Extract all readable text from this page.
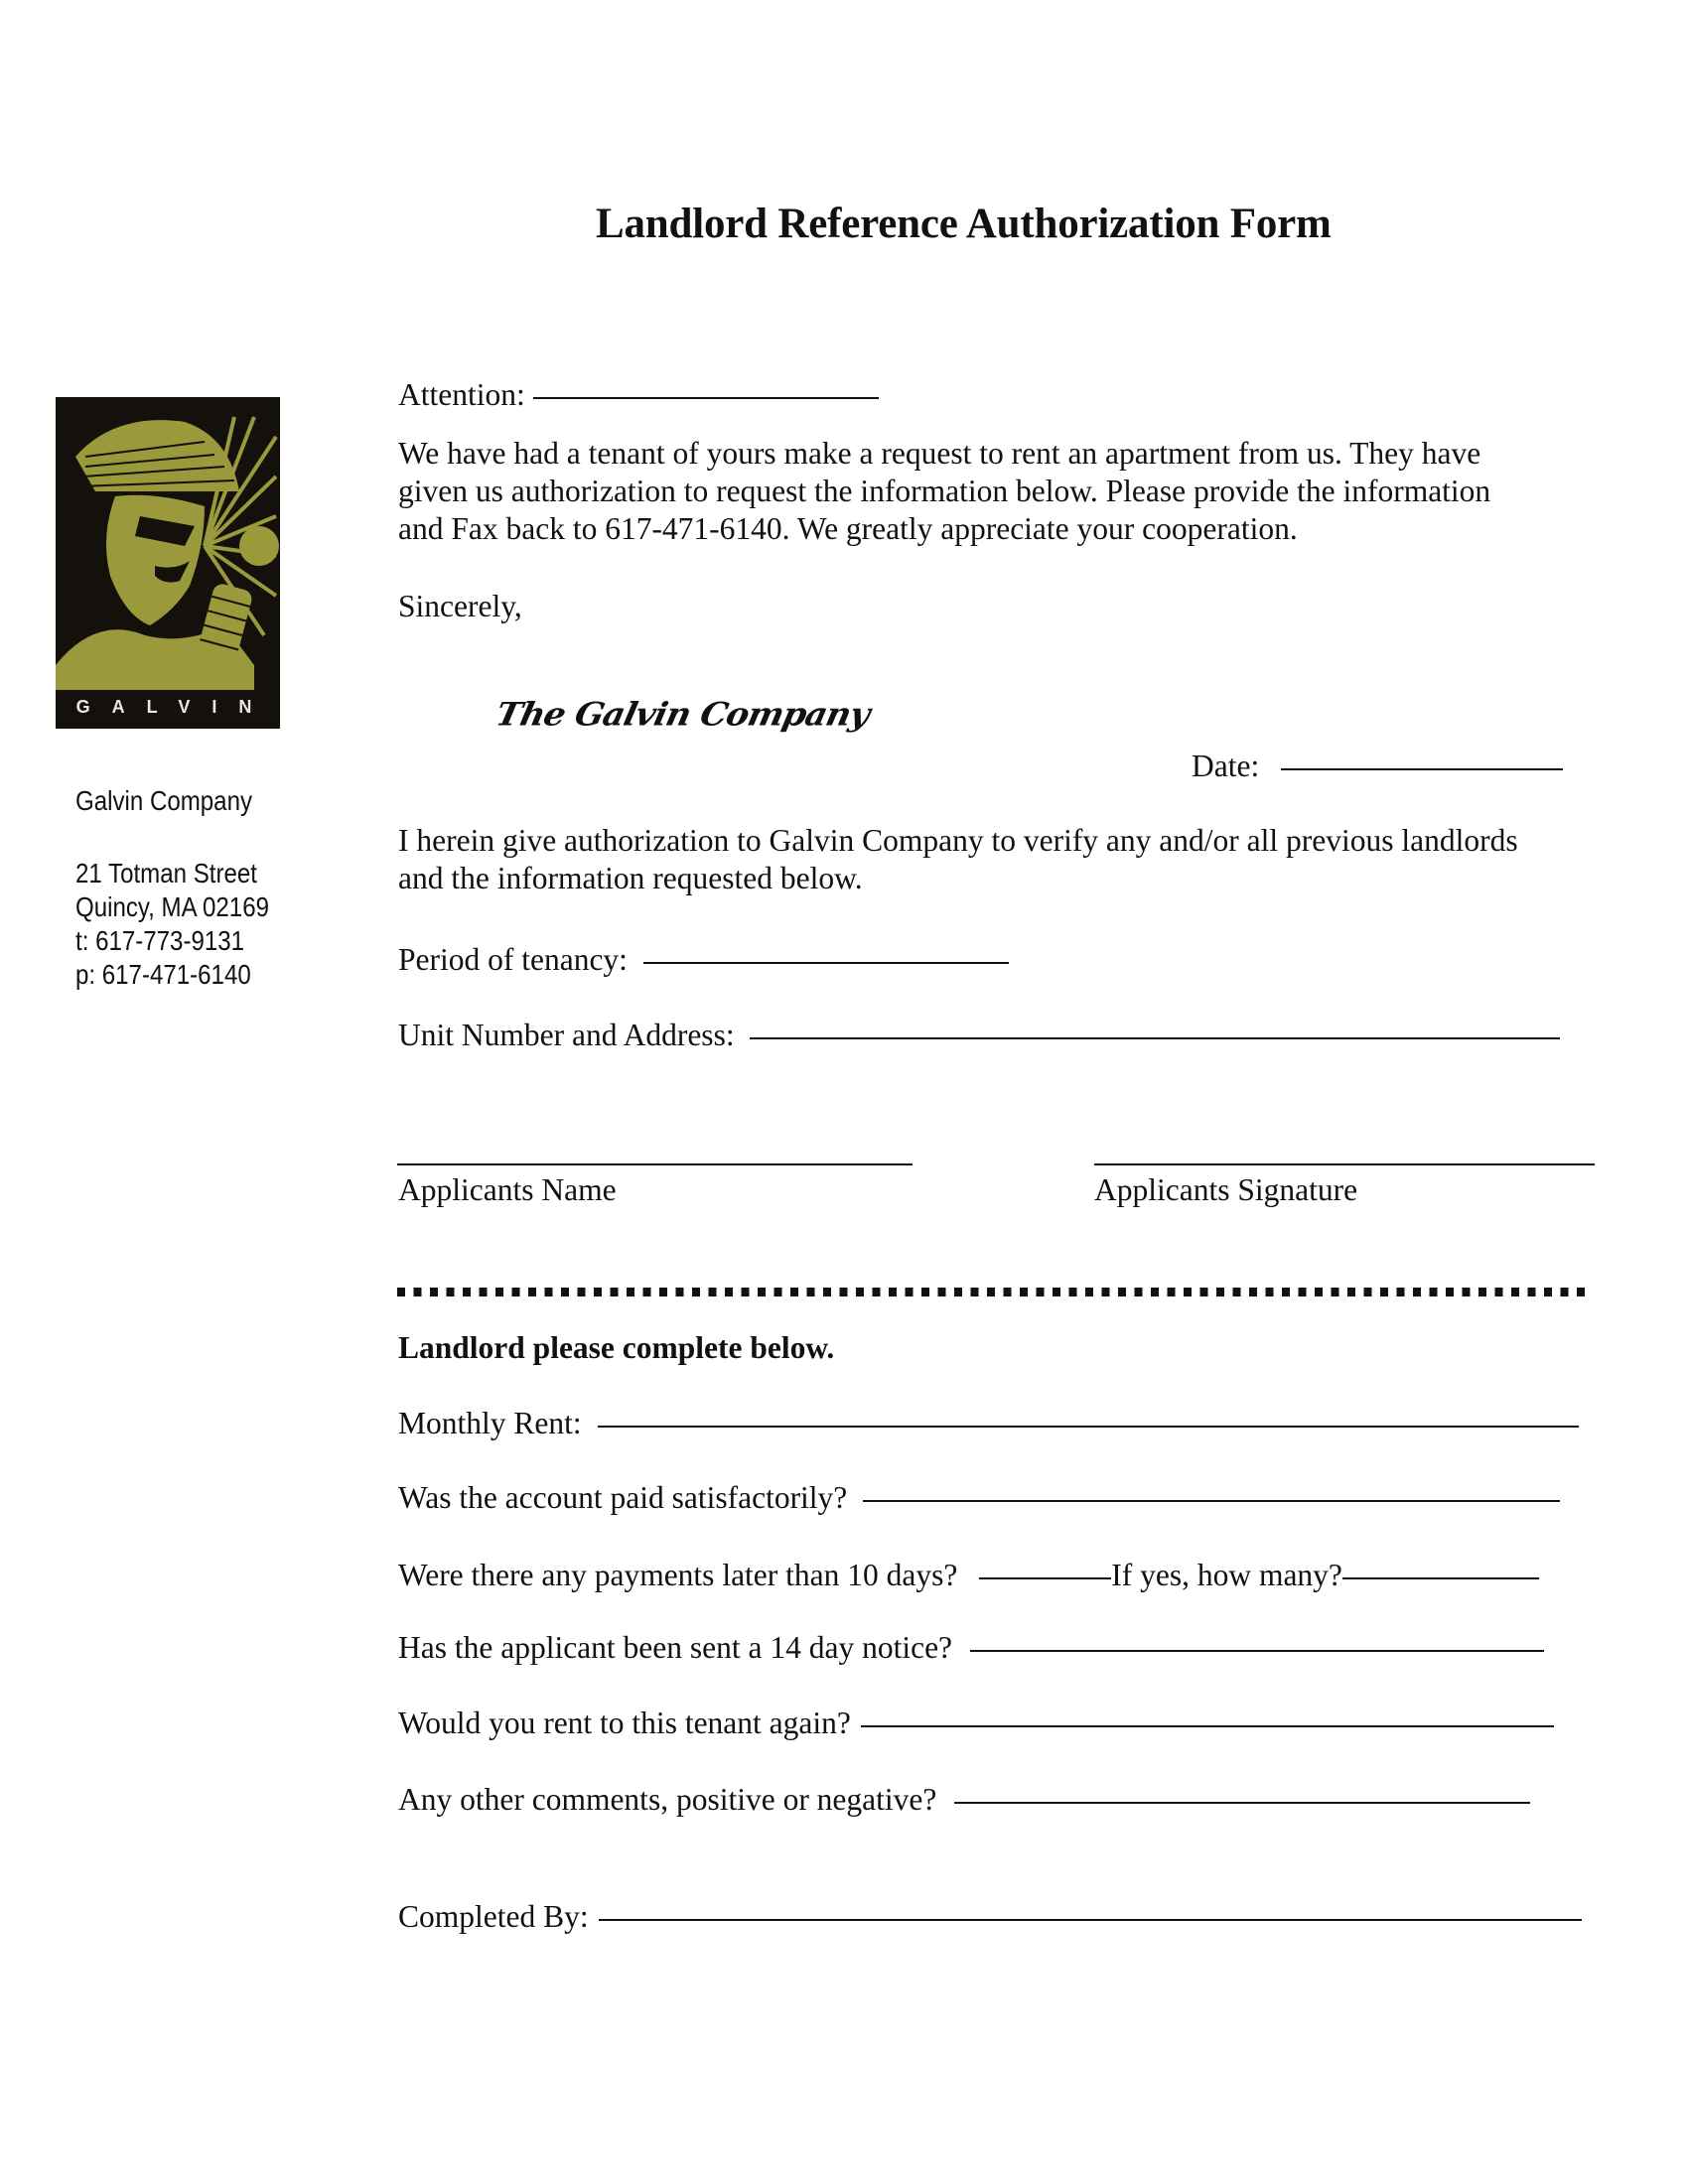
Landlord Reference Authorization Form
GALVIN
Galvin Company
21 Totman Street
Quincy, MA 02169
t: 617-773-9131
p: 617-471-6140
Attention:
We have had a tenant of yours make a request to rent an apartment from us. They have
given us authorization to request the information below. Please provide the information
and Fax back to 617-471-6140. We greatly appreciate your cooperation.
Sincerely,
The Galvin Company
Date:
I herein give authorization to Galvin Company to verify any and/or all previous landlords
and the information requested below.
Period of tenancy:
Unit Number and Address:
Applicants Name	Applicants Signature
Landlord please complete below.
Monthly Rent:
Was the account paid satisfactorily?
Were there any payments later than 10 days?	If yes, how many?
Has the applicant been sent a 14 day notice?
Would you rent to this tenant again?
Any other comments, positive or negative?
Completed By:
